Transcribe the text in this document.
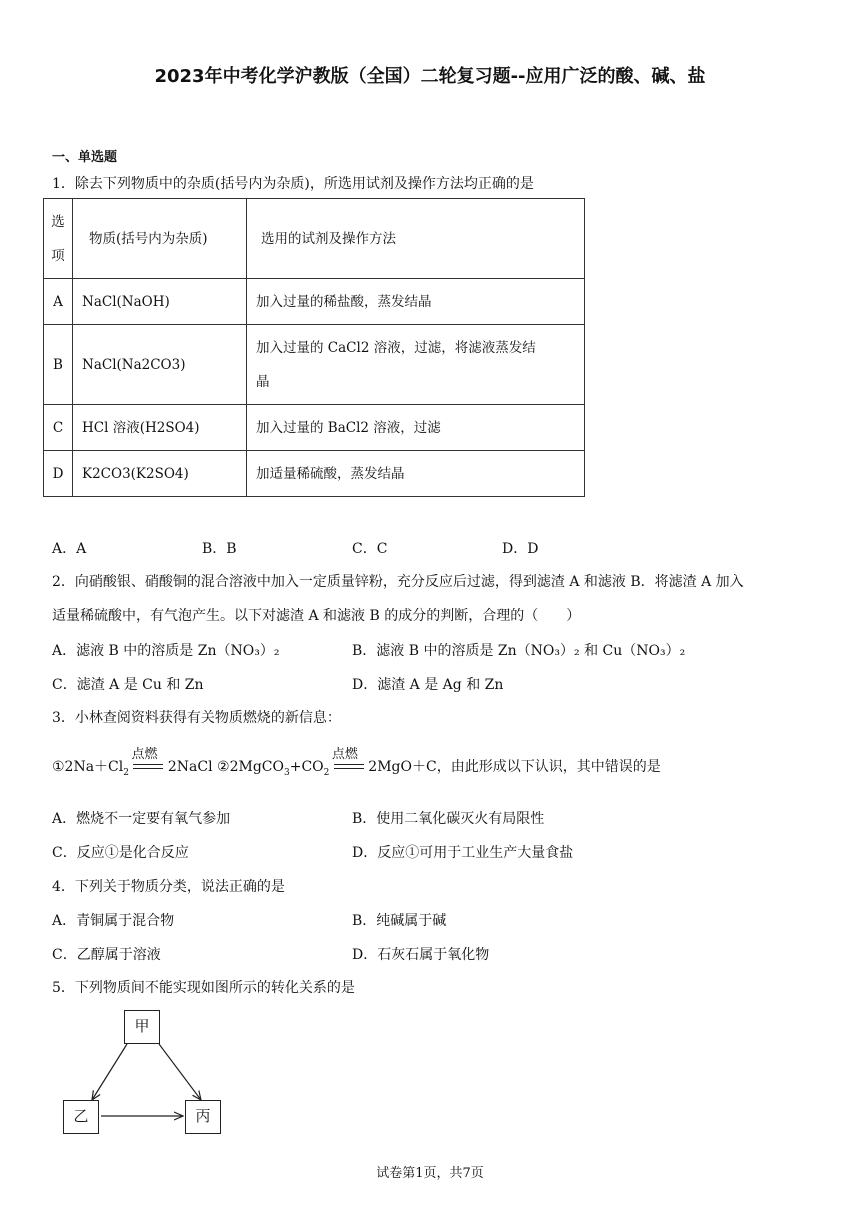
2023年中考化学沪教版（全国）二轮复习题--应用广泛的酸、碱、盐
一、单选题
1．除去下列物质中的杂质(括号内为杂质)，所选用试剂及操作方法均正确的是
选
项	物质(括号内为杂质)	选用的试剂及操作方法
A	NaCl(NaOH)	加入过量的稀盐酸，蒸发结晶
B	NaCl(Na2CO3)	加入过量的 CaCl2 溶液，过滤，将滤液蒸发结
晶
C	HCl 溶液(H2SO4)	加入过量的 BaCl2 溶液，过滤
D	K2CO3(K2SO4)	加适量稀硫酸，蒸发结晶
A．A	B．B	C．C	D．D
2．向硝酸银、硝酸铜的混合溶液中加入一定质量锌粉，充分反应后过滤，得到滤渣 A 和滤液 B．将滤渣 A 加入
适量稀硫酸中，有气泡产生。以下对滤渣 A 和滤液 B 的成分的判断，合理的（　　）
A．滤液 B 中的溶质是 Zn（NO₃）₂	B．滤液 B 中的溶质是 Zn（NO₃）₂ 和 Cu（NO₃）₂
C．滤渣 A 是 Cu 和 Zn	D．滤渣 A 是 Ag 和 Zn
3．小林查阅资料获得有关物质燃烧的新信息：
$①2Na+Cl_2$
点燃
2NaCl $②2MgCO_3+CO_2$
点燃
2MgO＋C，由此形成以下认识，其中错误的是
A．燃烧不一定要有氧气参加	B．使用二氧化碳灭火有局限性
C．反应①是化合反应	D．反应①可用于工业生产大量食盐
4．下列关于物质分类，说法正确的是
A．青铜属于混合物	B．纯碱属于碱
C．乙醇属于溶液	D．石灰石属于氧化物
5．下列物质间不能实现如图所示的转化关系的是
甲
乙	丙
试卷第1页，共7页
